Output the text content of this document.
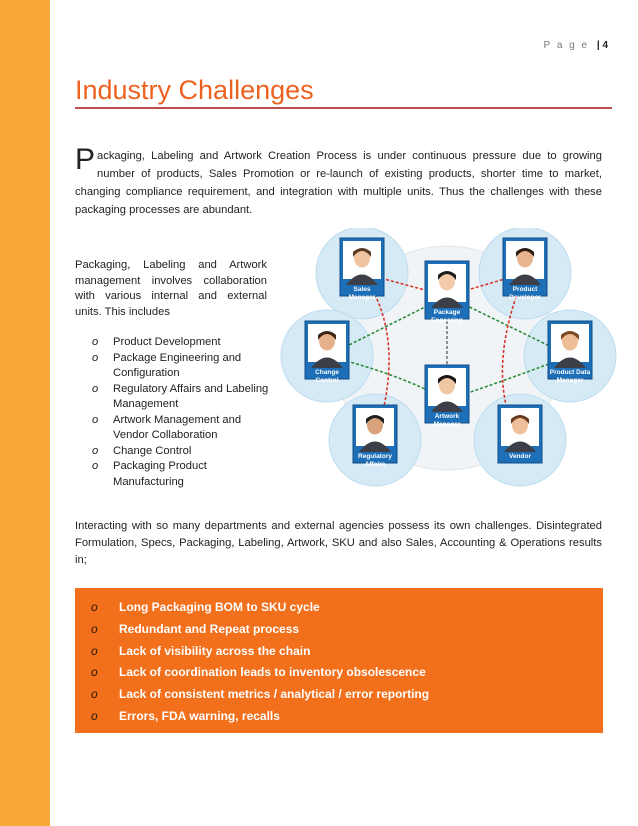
P a g e | 4
Industry Challenges

Packaging, Labeling and Artwork Creation Process is under continuous pressure due to growing number of products, Sales Promotion or re-launch of existing products, shorter time to market, changing compliance requirement, and integration with multiple units. Thus the challenges with these packaging processes are abundant.

Packaging, Labeling and Artwork management involves collaboration with various internal and external units. This includes

o Product Development
o Package Engineering and Configuration
o Regulatory Affairs and Labeling Management
o Artwork Management and Vendor Collaboration
o Change Control
o Packaging Product Manufacturing
Sales
Manager
Product
Developer
Package
Engeering
Change
Control
Product Data
Manager
Artwork
Manager
Regulatory
Affairs
Vendor

Interacting with so many departments and external agencies possess its own challenges. Disintegrated Formulation, Specs, Packaging, Labeling, Artwork, SKU and also Sales, Accounting & Operations results in;

o Long Packaging BOM to SKU cycle
o Redundant and Repeat process
o Lack of visibility across the chain
o Lack of coordination leads to inventory obsolescence
o Lack of consistent metrics / analytical / error reporting
o Errors, FDA warning, recalls
